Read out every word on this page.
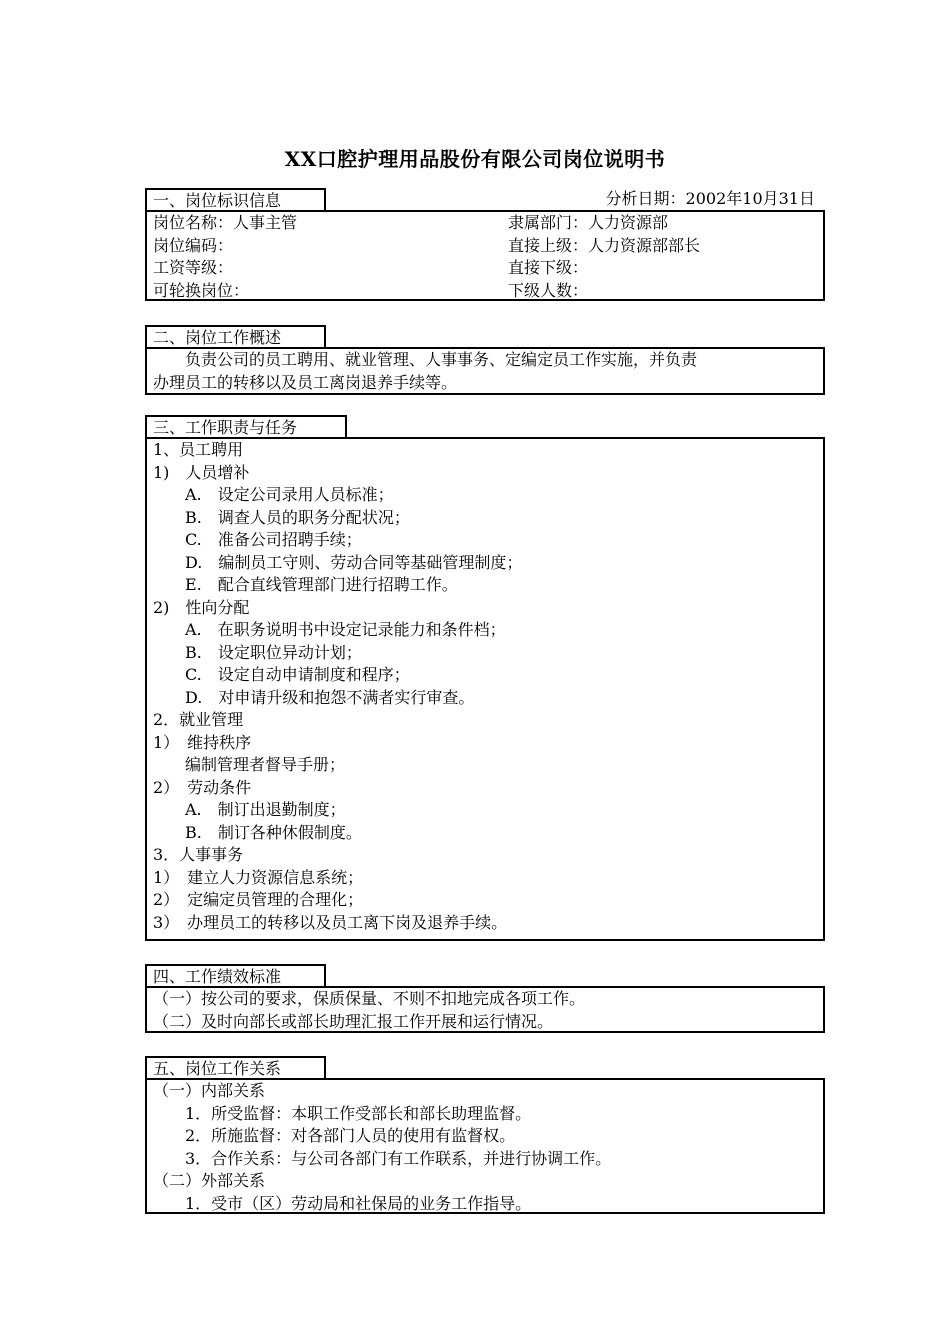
XX口腔护理用品股份有限公司岗位说明书
一、岗位标识信息	分析日期：2002年10月31日
岗位名称：人事主管	隶属部门：人力资源部
岗位编码：	直接上级：人力资源部部长
工资等级：	直接下级：
可轮换岗位：	下级人数：
二、岗位工作概述
　　负责公司的员工聘用、就业管理、人事事务、定编定员工作实施，并负责
办理员工的转移以及员工离岗退养手续等。
三、工作职责与任务
1、员工聘用
1)　人员增补
　　A.　设定公司录用人员标准；
　　B.　调查人员的职务分配状况；
　　C.　准备公司招聘手续；
　　D.　编制员工守则、劳动合同等基础管理制度；
　　E.　配合直线管理部门进行招聘工作。
2)　性向分配
　　A.　在职务说明书中设定记录能力和条件档；
　　B.　设定职位异动计划；
　　C.　设定自动申请制度和程序；
　　D.　对申请升级和抱怨不满者实行审查。
2．就业管理
1）　维持秩序
　　编制管理者督导手册；
2）　劳动条件
　　A.　制订出退勤制度；
　　B.　制订各种休假制度。
3．人事事务
1）　建立人力资源信息系统；
2）　定编定员管理的合理化；
3）　办理员工的转移以及员工离下岗及退养手续。
四、工作绩效标准
（一）按公司的要求，保质保量、不则不扣地完成各项工作。
（二）及时向部长或部长助理汇报工作开展和运行情况。
五、岗位工作关系
（一）内部关系
　　1．所受监督：本职工作受部长和部长助理监督。
　　2．所施监督：对各部门人员的使用有监督权。
　　3．合作关系：与公司各部门有工作联系，并进行协调工作。
（二）外部关系
　　1．受市（区）劳动局和社保局的业务工作指导。
